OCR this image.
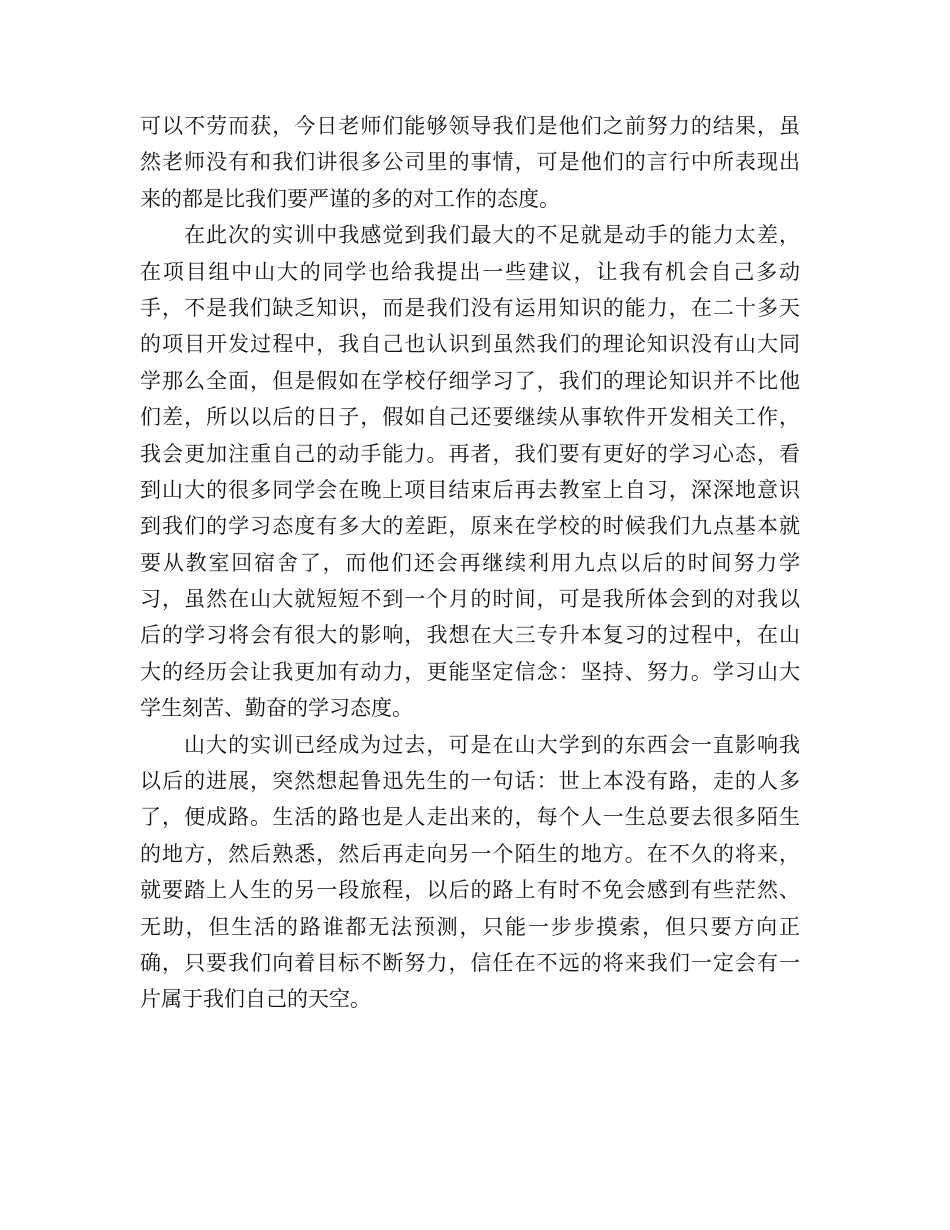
可以不劳而获，今日老师们能够领导我们是他们之前努力的结果，虽
然老师没有和我们讲很多公司里的事情，可是他们的言行中所表现出
来的都是比我们要严谨的多的对工作的态度。
在此次的实训中我感觉到我们最大的不足就是动手的能力太差，
在项目组中山大的同学也给我提出一些建议，让我有机会自己多动
手，不是我们缺乏知识，而是我们没有运用知识的能力，在二十多天
的项目开发过程中，我自己也认识到虽然我们的理论知识没有山大同
学那么全面，但是假如在学校仔细学习了，我们的理论知识并不比他
们差，所以以后的日子，假如自己还要继续从事软件开发相关工作，
我会更加注重自己的动手能力。再者，我们要有更好的学习心态，看
到山大的很多同学会在晚上项目结束后再去教室上自习，深深地意识
到我们的学习态度有多大的差距，原来在学校的时候我们九点基本就
要从教室回宿舍了，而他们还会再继续利用九点以后的时间努力学
习，虽然在山大就短短不到一个月的时间，可是我所体会到的对我以
后的学习将会有很大的影响，我想在大三专升本复习的过程中，在山
大的经历会让我更加有动力，更能坚定信念：坚持、努力。学习山大
学生刻苦、勤奋的学习态度。
山大的实训已经成为过去，可是在山大学到的东西会一直影响我
以后的进展，突然想起鲁迅先生的一句话：世上本没有路，走的人多
了，便成路。生活的路也是人走出来的，每个人一生总要去很多陌生
的地方，然后熟悉，然后再走向另一个陌生的地方。在不久的将来，
就要踏上人生的另一段旅程，以后的路上有时不免会感到有些茫然、
无助，但生活的路谁都无法预测，只能一步步摸索，但只要方向正
确，只要我们向着目标不断努力，信任在不远的将来我们一定会有一
片属于我们自己的天空。
